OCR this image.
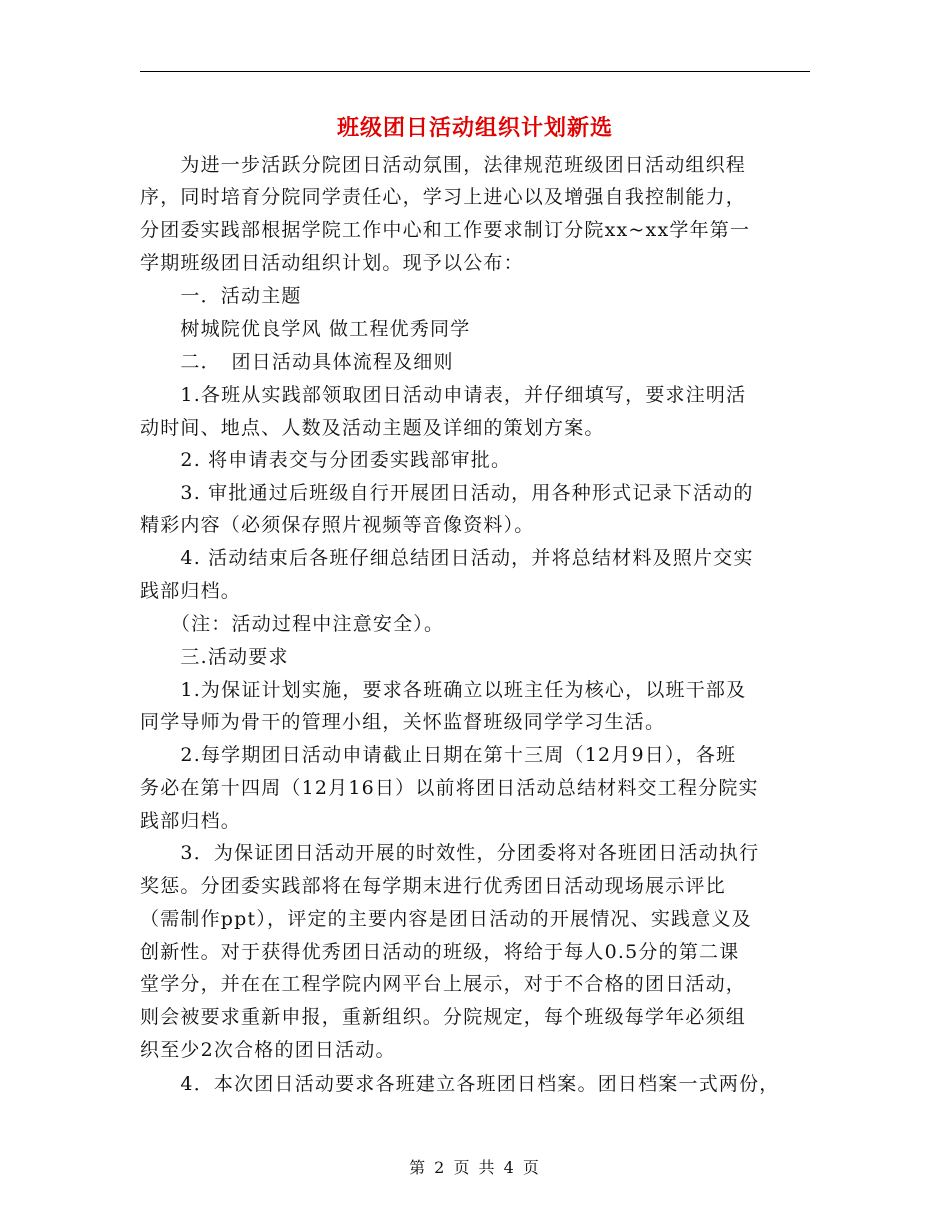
班级团日活动组织计划新选
　　为进一步活跃分院团日活动氛围，法律规范班级团日活动组织程
序，同时培育分院同学责任心，学习上进心以及增强自我控制能力，
分团委实践部根据学院工作中心和工作要求制订分院xx~xx学年第一
学期班级团日活动组织计划。现予以公布：
　　一．活动主题
　　树城院优良学风 做工程优秀同学
　　二．　团日活动具体流程及细则
　　1.各班从实践部领取团日活动申请表，并仔细填写，要求注明活
动时间、地点、人数及活动主题及详细的策划方案。
　　2. 将申请表交与分团委实践部审批。
　　3. 审批通过后班级自行开展团日活动，用各种形式记录下活动的
精彩内容（必须保存照片视频等音像资料）。
　　4. 活动结束后各班仔细总结团日活动，并将总结材料及照片交实
践部归档。
　　（注：活动过程中注意安全）。
　　三.活动要求
　　1.为保证计划实施，要求各班确立以班主任为核心，以班干部及
同学导师为骨干的管理小组，关怀监督班级同学学习生活。
　　2.每学期团日活动申请截止日期在第十三周（12月9日），各班
务必在第十四周（12月16日）以前将团日活动总结材料交工程分院实
践部归档。
　　3．为保证团日活动开展的时效性，分团委将对各班团日活动执行
奖惩。分团委实践部将在每学期末进行优秀团日活动现场展示评比
（需制作ppt），评定的主要内容是团日活动的开展情况、实践意义及
创新性。对于获得优秀团日活动的班级，将给于每人0.5分的第二课
堂学分，并在在工程学院内网平台上展示，对于不合格的团日活动，
则会被要求重新申报，重新组织。分院规定，每个班级每学年必须组
织至少2次合格的团日活动。
　　4．本次团日活动要求各班建立各班团日档案。团日档案一式两份，
第 2 页 共 4 页
